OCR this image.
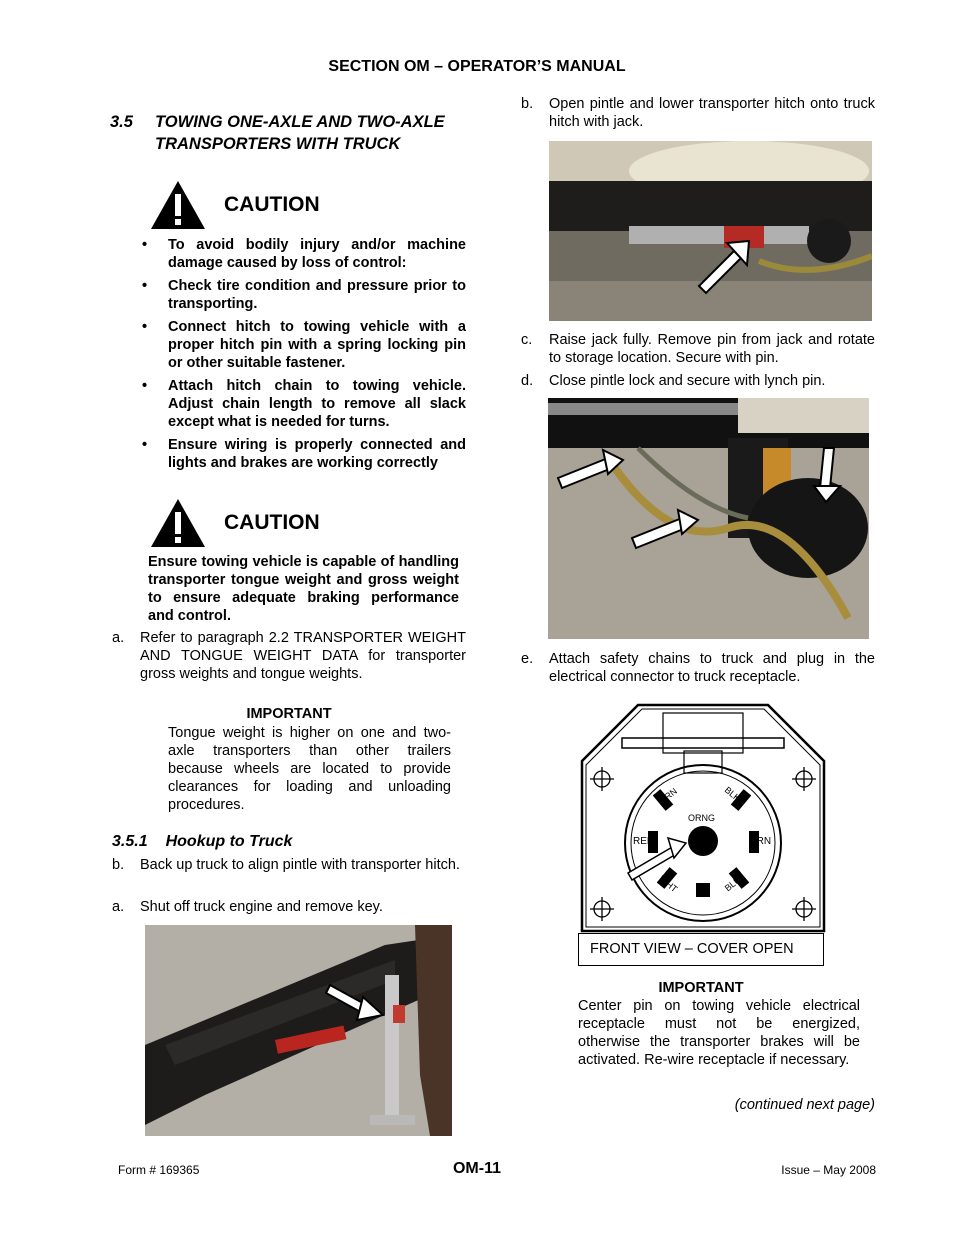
SECTION OM – OPERATOR’S MANUAL
3.5 TOWING ONE-AXLE AND TWO-AXLE TRANSPORTERS WITH TRUCK
CAUTION
• To avoid bodily injury and/or machine damage caused by loss of control:
• Check tire condition and pressure prior to transporting.
• Connect hitch to towing vehicle with a proper hitch pin with a spring locking pin or other suitable fastener.
• Attach hitch chain to towing vehicle. Adjust chain length to remove all slack except what is needed for turns.
• Ensure wiring is properly connected and lights and brakes are working correctly
CAUTION
Ensure towing vehicle is capable of handling transporter tongue weight and gross weight to ensure adequate braking performance and control.
a. Refer to paragraph 2.2 TRANSPORTER WEIGHT AND TONGUE WEIGHT DATA for transporter gross weights and tongue weights.
IMPORTANT
Tongue weight is higher on one and two-axle transporters than other trailers because wheels are located to provide clearances for loading and unloading procedures.
3.5.1 Hookup to Truck
b. Back up truck to align pintle with transporter hitch.
a. Shut off truck engine and remove key.
b. Open pintle and lower transporter hitch onto truck hitch with jack.
c. Raise jack fully. Remove pin from jack and rotate to storage location. Secure with pin.
d. Close pintle lock and secure with lynch pin.
e. Attach safety chains to truck and plug in the electrical connector to truck receptacle.
GRN	BLK
ORNG
RED	BRN
WHT	BLU
FRONT VIEW – COVER OPEN
IMPORTANT
Center pin on towing vehicle electrical receptacle must not be energized, otherwise the transporter brakes will be activated. Re-wire receptacle if necessary.
(continued next page)
Form # 169365	OM-11	Issue – May 2008
